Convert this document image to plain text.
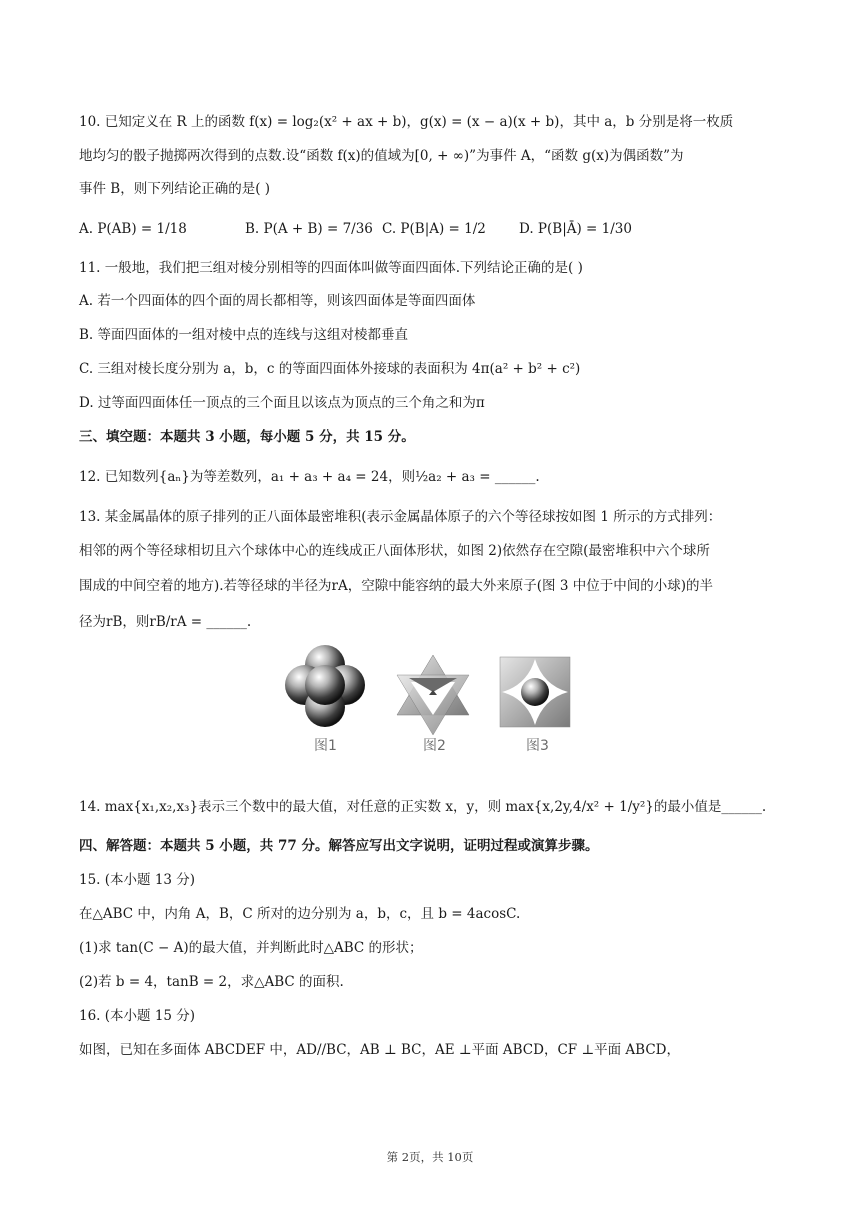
10. 已知定义在 R 上的函数 f(x) = log₂(x² + ax + b)，g(x) = (x − a)(x + b)，其中 a，b 分别是将一枚质
地均匀的骰子抛掷两次得到的点数.设“函数 f(x)的值域为[0, + ∞)”为事件 A，“函数 g(x)为偶函数”为
事件 B，则下列结论正确的是( )
A. P(AB) = 1/18	B. P(A + B) = 7/36 C. P(B|A) = 1/2 D. P(B|Ā) = 1/30
11. 一般地，我们把三组对棱分别相等的四面体叫做等面四面体.下列结论正确的是( )
A. 若一个四面体的四个面的周长都相等，则该四面体是等面四面体
B. 等面四面体的一组对棱中点的连线与这组对棱都垂直
C. 三组对棱长度分别为 a，b，c 的等面四面体外接球的表面积为 4π(a² + b² + c²)
D. 过等面四面体任一顶点的三个面且以该点为顶点的三个角之和为π
三、填空题：本题共 3 小题，每小题 5 分，共 15 分。
12. 已知数列{aₙ}为等差数列，a₁ + a₃ + a₄ = 24，则½a₂ + a₃ = ______.
13. 某金属晶体的原子排列的正八面体最密堆积(表示金属晶体原子的六个等径球按如图 1 所示的方式排列：
相邻的两个等径球相切且六个球体中心的连线成正八面体形状，如图 2)依然存在空隙(最密堆积中六个球所
围成的中间空着的地方).若等径球的半径为rA，空隙中能容纳的最大外来原子(图 3 中位于中间的小球)的半
径为rB，则rB/rA = ______.
图1	图2	图3
14. max{x₁,x₂,x₃}表示三个数中的最大值，对任意的正实数 x，y，则 max{x,2y,4/x² + 1/y²}的最小值是______.
四、解答题：本题共 5 小题，共 77 分。解答应写出文字说明，证明过程或演算步骤。
15. (本小题 13 分)
在△ABC 中，内角 A，B，C 所对的边分别为 a，b，c，且 b = 4acosC.
(1)求 tan(C − A)的最大值，并判断此时△ABC 的形状；
(2)若 b = 4，tanB = 2，求△ABC 的面积.
16. (本小题 15 分)
如图，已知在多面体 ABCDEF 中，AD//BC，AB ⊥ BC，AE ⊥平面 ABCD，CF ⊥平面 ABCD，
第 2页，共 10页
